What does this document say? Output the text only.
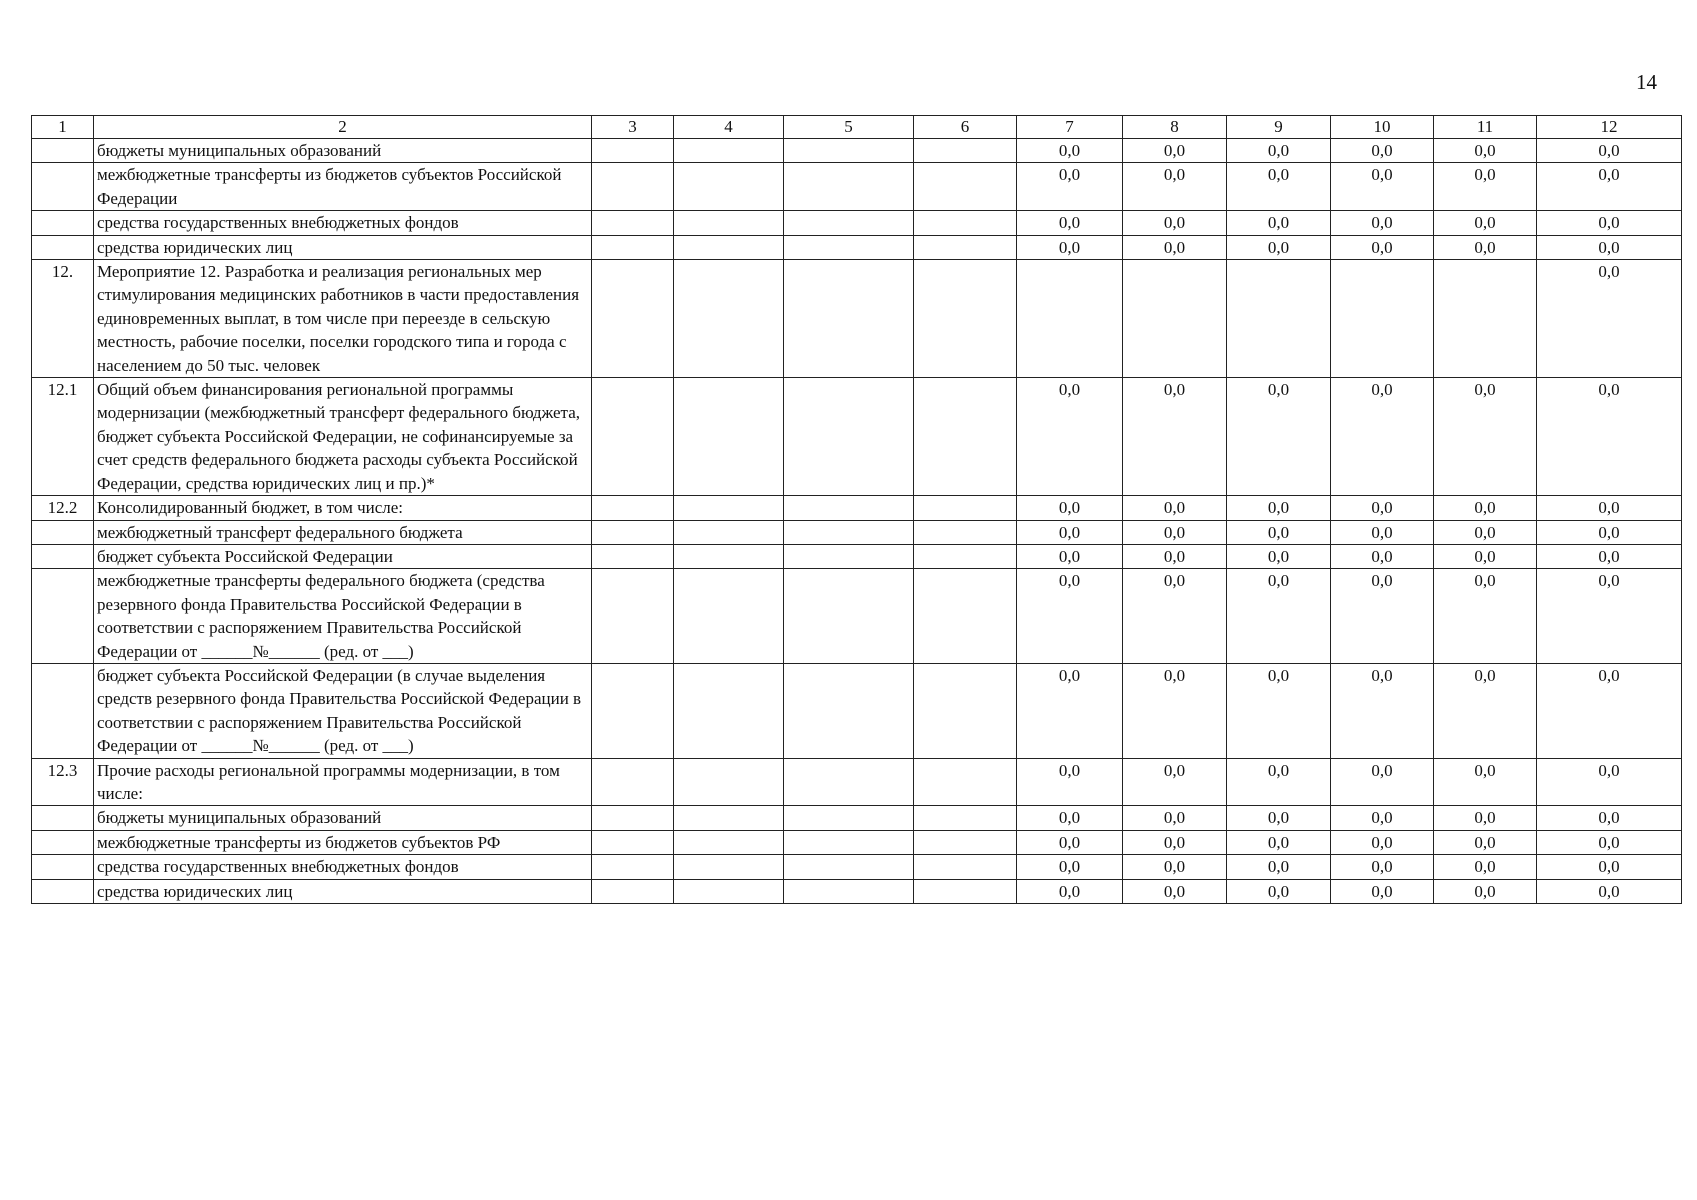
14
1	2	3	4	5	6	7	8	9	10	11	12
	бюджеты муниципальных образований					0,0	0,0	0,0	0,0	0,0	0,0
	межбюджетные трансферты из бюджетов субъектов Российской Федерации					0,0	0,0	0,0	0,0	0,0	0,0
	средства государственных внебюджетных фондов					0,0	0,0	0,0	0,0	0,0	0,0
	средства юридических лиц					0,0	0,0	0,0	0,0	0,0	0,0
12.	Мероприятие 12. Разработка и реализация региональных мер стимулирования медицинских работников в части предоставления единовременных выплат, в том числе при переезде в сельскую местность, рабочие поселки, поселки городского типа и города с населением до 50 тыс. человек										0,0
12.1	Общий объем финансирования региональной программы модернизации (межбюджетный трансферт федерального бюджета, бюджет субъекта Российской Федерации, не софинансируемые за счет средств федерального бюджета расходы субъекта Российской Федерации, средства юридических лиц и пр.)*					0,0	0,0	0,0	0,0	0,0	0,0
12.2	Консолидированный бюджет, в том числе:					0,0	0,0	0,0	0,0	0,0	0,0
	межбюджетный трансферт федерального бюджета					0,0	0,0	0,0	0,0	0,0	0,0
	бюджет субъекта Российской Федерации					0,0	0,0	0,0	0,0	0,0	0,0
	межбюджетные трансферты федерального бюджета (средства резервного фонда Правительства Российской Федерации в соответствии с распоряжением Правительства Российской Федерации от ______№______ (ред. от ___)					0,0	0,0	0,0	0,0	0,0	0,0
	бюджет субъекта Российской Федерации (в случае выделения средств резервного фонда Правительства Российской Федерации в соответствии с распоряжением Правительства Российской Федерации от ______№______ (ред. от ___)					0,0	0,0	0,0	0,0	0,0	0,0
12.3	Прочие расходы региональной программы модернизации, в том числе:					0,0	0,0	0,0	0,0	0,0	0,0
	бюджеты муниципальных образований					0,0	0,0	0,0	0,0	0,0	0,0
	межбюджетные трансферты из бюджетов субъектов РФ					0,0	0,0	0,0	0,0	0,0	0,0
	средства государственных внебюджетных фондов					0,0	0,0	0,0	0,0	0,0	0,0
	средства юридических лиц					0,0	0,0	0,0	0,0	0,0	0,0
